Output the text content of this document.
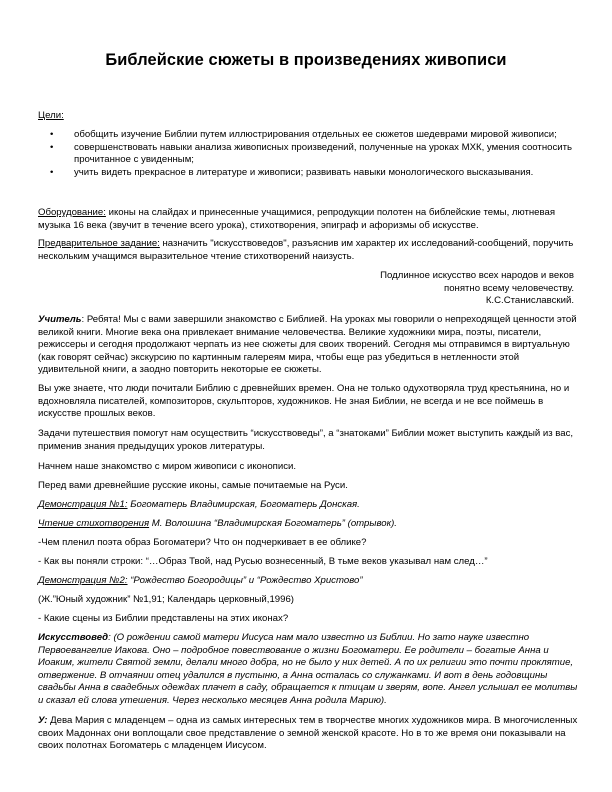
Библейские сюжеты в произведениях живописи
Цели:
• обобщить изучение Библии путем иллюстрирования отдельных ее сюжетов шедеврами мировой живописи;
• совершенствовать навыки анализа живописных произведений, полученные на уроках МХК, умения соотносить прочитанное с увиденным;
• учить видеть прекрасное в литературе и живописи; развивать навыки монологического высказывания.

Оборудование: иконы на слайдах и принесенные учащимися, репродукции полотен на библейские темы, лютневая музыка 16 века (звучит в течение всего урока), стихотворения, эпиграф и афоризмы об искусстве.

Предварительное задание: назначить "искусствоведов", разъяснив им характер их исследований-сообщений, поручить нескольким учащимся выразительное чтение стихотворений наизусть.

Подлинное искусство всех народов и веков
понятно всему человечеству.
К.С.Станиславский.

Учитель: Ребята! Мы с вами завершили знакомство с Библией. На уроках мы говорили о непреходящей ценности этой великой книги. Многие века она привлекает внимание человечества. Великие художники мира, поэты, писатели, режиссеры и сегодня продолжают черпать из нее сюжеты для своих творений. Сегодня мы отправимся в виртуальную (как говорят сейчас) экскурсию по картинным галереям мира, чтобы еще раз убедиться в нетленности этой удивительной книги, а заодно повторить некоторые ее сюжеты.

Вы уже знаете, что люди почитали Библию с древнейших времен. Она не только одухотворяла труд крестьянина, но и вдохновляла писателей, композиторов, скульпторов, художников. Не зная Библии, не всегда и не все поймешь в искусстве прошлых веков.

Задачи путешествия помогут нам осуществить “искусствоведы”, а “знатоками” Библии может выступить каждый из вас, применив знания предыдущих уроков литературы.

Начнем наше знакомство с миром живописи с иконописи.

Перед вами древнейшие русские иконы, самые почитаемые на Руси.

Демонстрация №1: Богоматерь Владимирская, Богоматерь Донская.

Чтение стихотворения М. Волошина “Владимирская Богоматерь” (отрывок).

-Чем пленил поэта образ Богоматери? Что он подчеркивает в ее облике?

- Как вы поняли строки: “…Образ Твой, над Русью вознесенный, В тьме веков указывал нам след…”

Демонстрация №2: “Рождество Богородицы” и “Рождество Христово”

(Ж.”Юный художник” №1,91; Календарь церковный,1996)

- Какие сцены из Библии представлены на этих иконах?

Искусствовед: (О рождении самой матери Иисуса нам мало известно из Библии. Но зато науке известно Первоевангелие Иакова. Оно – подробное повествование о жизни Богоматери. Ее родители – богатые Анна и Иоаким, жители Святой земли, делали много добра, но не было у них детей. А по их религии это почти проклятие, отвержение. В отчаянии отец удалился в пустыню, а Анна осталась со служанками. И вот в день годовщины свадьбы Анна в свадебных одеждах плачет в саду, обращается к птицам и зверям, вопе. Ангел услышал ее молитвы и сказал ей слова утешения. Через несколько месяцев Анна родила Марию).

У: Дева Мария с младенцем – одна из самых интересных тем в творчестве многих художников мира. В многочисленных своих Мадоннах они воплощали свое представление о земной женской красоте. Но в то же время они показывали на своих полотнах Богоматерь с младенцем Иисусом.
